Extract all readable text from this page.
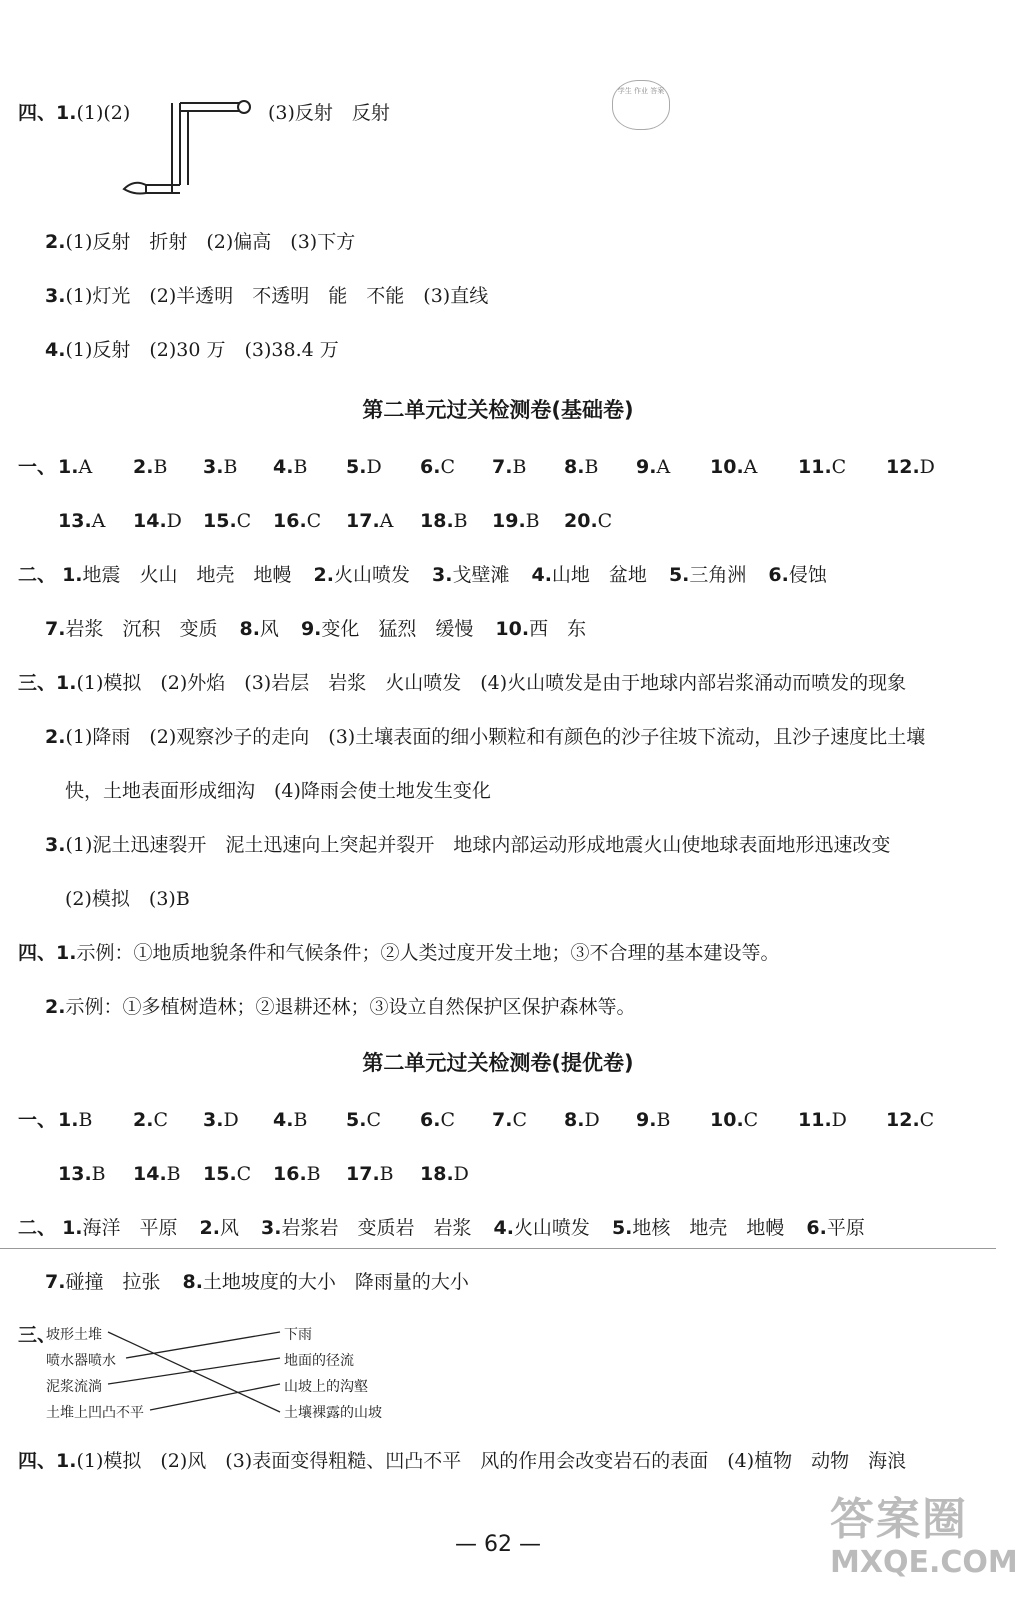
四、1.(1)(2)	(3)反射　反射
学生 作业 答案
2.(1)反射　折射　(2)偏高　(3)下方
3.(1)灯光　(2)半透明　不透明　能　不能　(3)直线
4.(1)反射　(2)30 万　(3)38.4 万
第二单元过关检测卷(基础卷)
一、 1.A 2.B 3.B 4.B 5.D 6.C 7.B 8.B 9.A 10.A 11.C 12.D
13.A 14.D 15.C 16.C 17.A 18.B 19.B 20.C
二、 1.地震　火山　地壳　地幔 2.火山喷发 3.戈壁滩 4.山地　盆地 5.三角洲 6.侵蚀
7.岩浆　沉积　变质 8.风 9.变化　猛烈　缓慢 10.西　东
三、1.(1)模拟　(2)外焰　(3)岩层　岩浆　火山喷发　(4)火山喷发是由于地球内部岩浆涌动而喷发的现象
2.(1)降雨　(2)观察沙子的走向　(3)土壤表面的细小颗粒和有颜色的沙子往坡下流动，且沙子速度比土壤
快，土地表面形成细沟　(4)降雨会使土地发生变化
3.(1)泥土迅速裂开　泥土迅速向上突起并裂开　地球内部运动形成地震火山使地球表面地形迅速改变
(2)模拟　(3)B
四、1.示例：①地质地貌条件和气候条件；②人类过度开发土地；③不合理的基本建设等。
2.示例：①多植树造林；②退耕还林；③设立自然保护区保护森林等。
第二单元过关检测卷(提优卷)
一、 1.B 2.C 3.D 4.B 5.C 6.C 7.C 8.D 9.B 10.C 11.D 12.C
13.B 14.B 15.C 16.B 17.B 18.D
二、 1.海洋　平原 2.风 3.岩浆岩　变质岩　岩浆 4.火山喷发 5.地核　地壳　地幔 6.平原
7.碰撞　拉张 8.土地坡度的大小　降雨量的大小
三、
坡形土堆
喷水器喷水
泥浆流淌
土堆上凹凸不平
下雨
地面的径流
山坡上的沟壑
土壤裸露的山坡
四、1.(1)模拟　(2)风　(3)表面变得粗糙、凹凸不平　风的作用会改变岩石的表面　(4)植物　动物　海浪
— 62 —	答案圈
MXQE.COM
